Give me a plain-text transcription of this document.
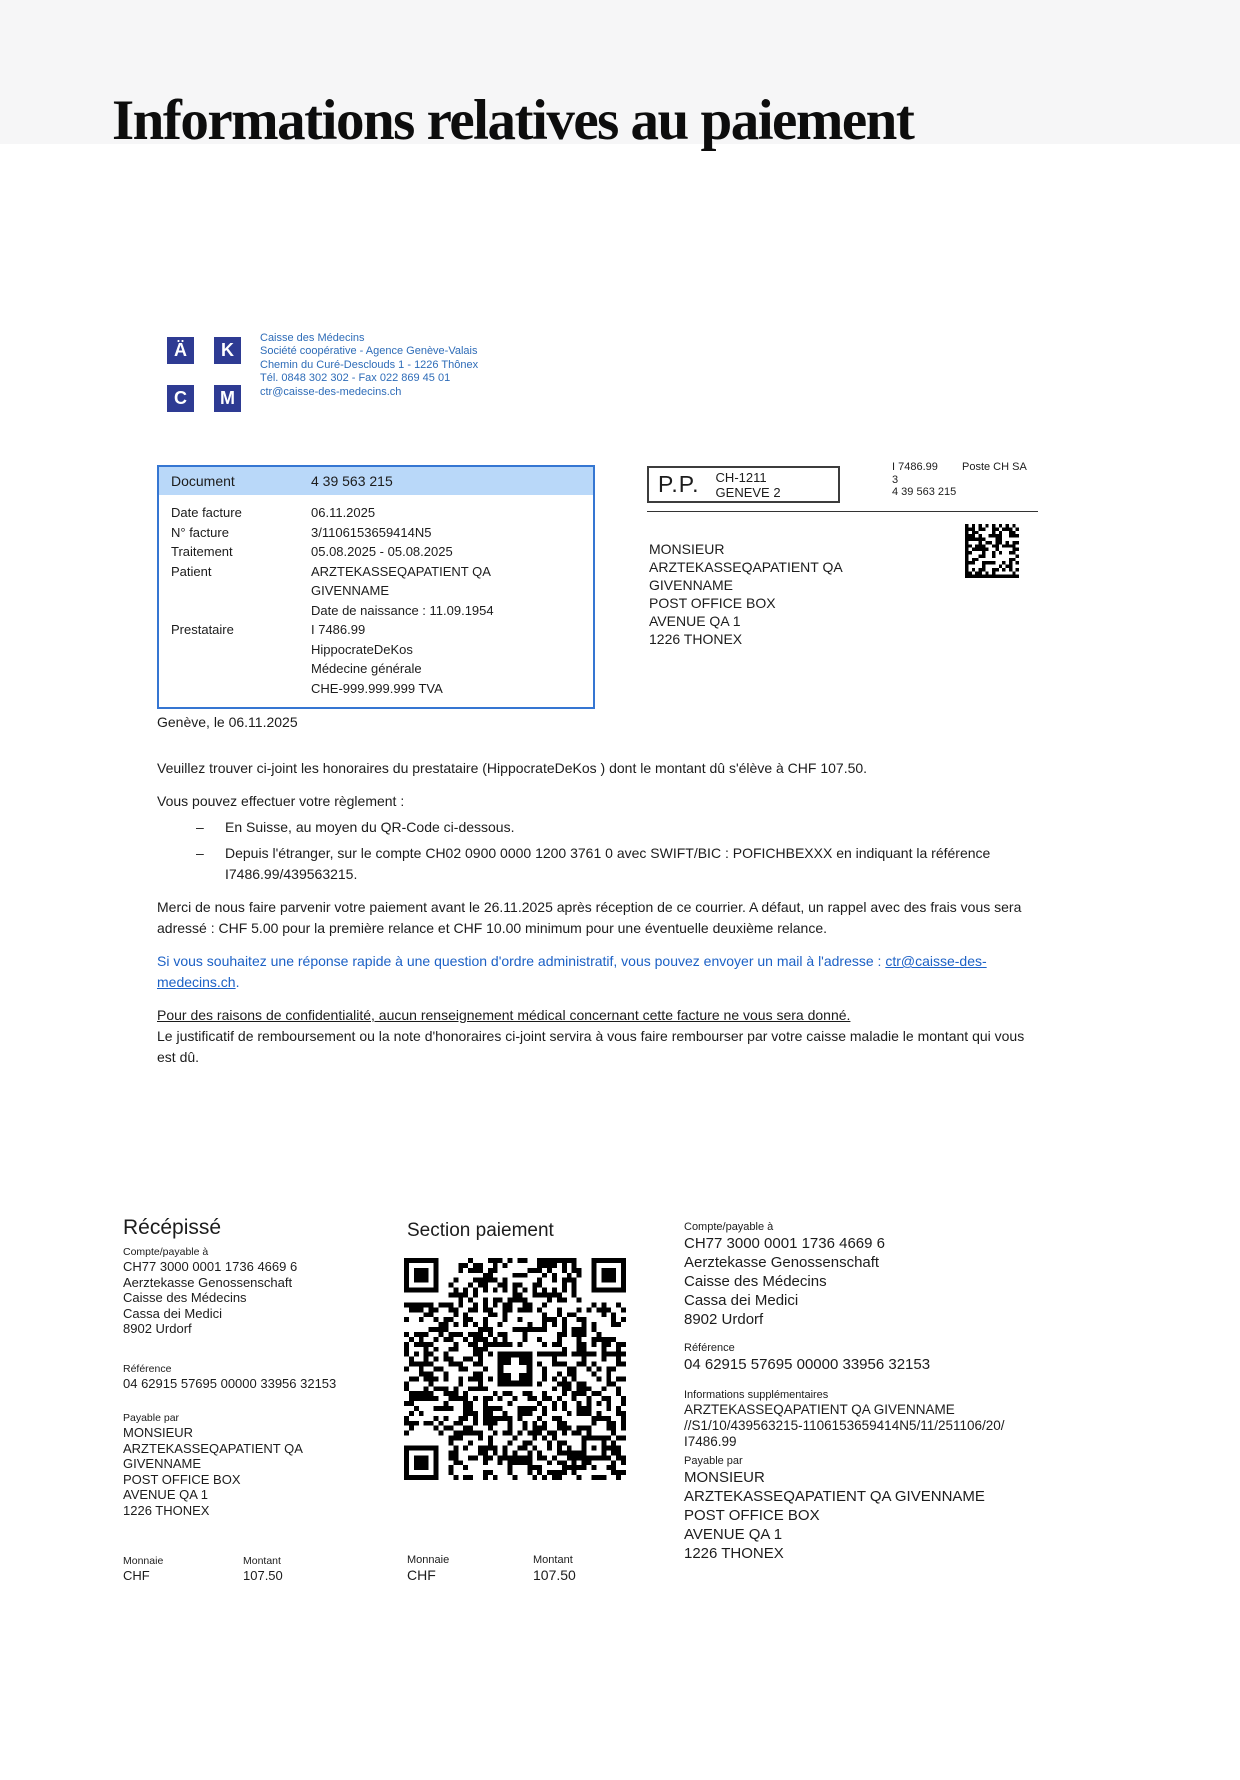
Informations relatives au paiement
Ä	K
C	M
Caisse des Médecins
Société coopérative - Agence Genève-Valais
Chemin du Curé-Desclouds 1 - 1226 Thônex
Tél. 0848 302 302 - Fax 022 869 45 01
ctr@caisse-des-medecins.ch
Document	4 39 563 215
Date facture	06.11.2025
N° facture	3/1106153659414N5
Traitement	05.08.2025 - 05.08.2025
Patient	ARZTEKASSEQAPATIENT QA GIVENNAME
Date de naissance : 11.09.1954
Prestataire	I 7486.99
HippocrateDeKos
Médecine générale
CHE-999.999.999 TVA
P.P.	CH-1211
GENEVE 2
I 7486.99
3
4 39 563 215
Poste CH SA
MONSIEUR
ARZTEKASSEQAPATIENT QA
GIVENNAME
POST OFFICE BOX
AVENUE QA 1
1226 THONEX
Genève, le 06.11.2025

Veuillez trouver ci-joint les honoraires du prestataire (HippocrateDeKos ) dont le montant dû s'élève à CHF 107.50.

Vous pouvez effectuer votre règlement :

–	En Suisse, au moyen du QR-Code ci-dessous.
–	Depuis l'étranger, sur le compte CH02 0900 0000 1200 3761 0 avec SWIFT/BIC : POFICHBEXXX en indiquant la référence I7486.99/439563215.

Merci de nous faire parvenir votre paiement avant le 26.11.2025 après réception de ce courrier. A défaut, un rappel avec des frais vous sera adressé : CHF 5.00 pour la première relance et CHF 10.00 minimum pour une éventuelle deuxième relance.

Si vous souhaitez une réponse rapide à une question d'ordre administratif, vous pouvez envoyer un mail à l'adresse : ctr@caisse-des-medecins.ch.

Pour des raisons de confidentialité, aucun renseignement médical concernant cette facture ne vous sera donné.
Le justificatif de remboursement ou la note d'honoraires ci-joint servira à vous faire rembourser par votre caisse maladie le montant qui vous est dû.

Récépissé
Compte/payable à
CH77 3000 0001 1736 4669 6
Aerztekasse Genossenschaft
Caisse des Médecins
Cassa dei Medici
8902 Urdorf
Référence
04 62915 57695 00000 33956 32153
Payable par
MONSIEUR
ARZTEKASSEQAPATIENT QA
GIVENNAME
POST OFFICE BOX
AVENUE QA 1
1226 THONEX
Monnaie
CHF
Montant
107.50
Section paiement
Monnaie
CHF
Montant
107.50
Compte/payable à
CH77 3000 0001 1736 4669 6
Aerztekasse Genossenschaft
Caisse des Médecins
Cassa dei Medici
8902 Urdorf
Référence
04 62915 57695 00000 33956 32153
Informations supplémentaires
ARZTEKASSEQAPATIENT QA GIVENNAME
//S1/10/439563215-1106153659414N5/11/251106/20/
I7486.99
Payable par
MONSIEUR
ARZTEKASSEQAPATIENT QA GIVENNAME
POST OFFICE BOX
AVENUE QA 1
1226 THONEX
